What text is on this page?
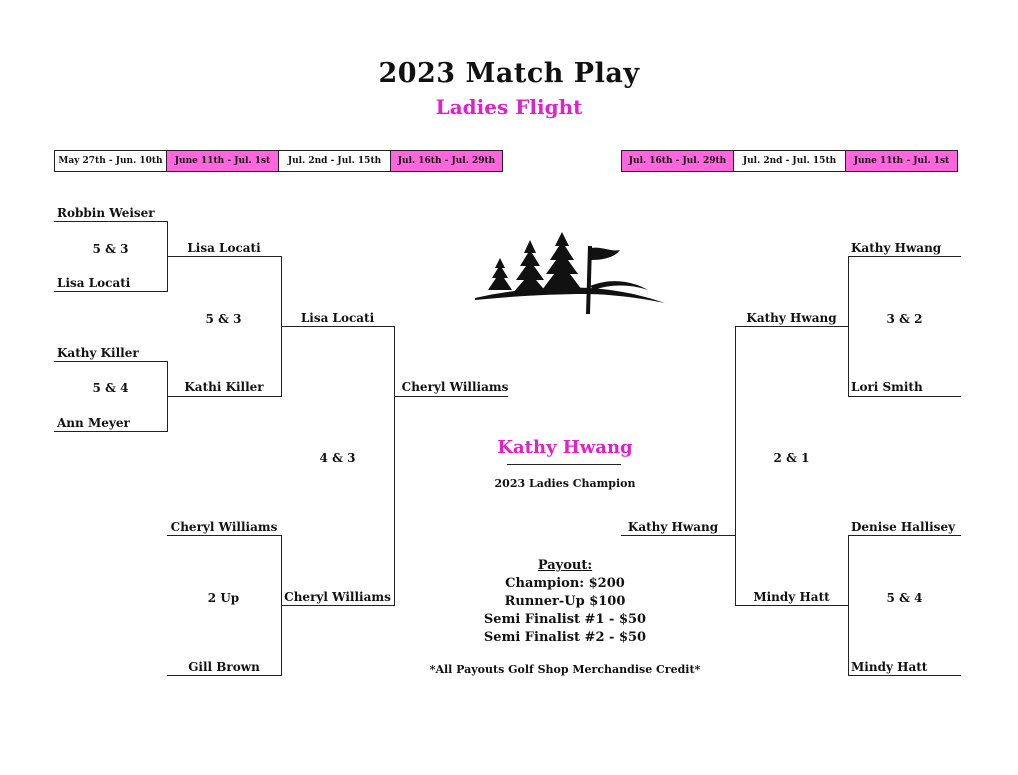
2023 Match Play
Ladies Flight
May 27th - Jun. 10th	June 11th - Jul. 1st	Jul. 2nd - Jul. 15th	Jul. 16th - Jul. 29th	Jul. 16th - Jul. 29th	Jul. 2nd - Jul. 15th	June 11th - Jul. 1st
Robbin Weiser
Lisa Locati
Kathy Killer
Ann Meyer
5 & 3
5 & 4
Lisa Locati
Kathi Killer
Cheryl Williams
Gill Brown
5 & 3
2 Up
Lisa Locati
Cheryl Williams
4 & 3
Cheryl Williams
Kathy Hwang
Lori Smith
Denise Hallisey
Mindy Hatt
3 & 2
5 & 4
Kathy Hwang
Mindy Hatt
2 & 1
Kathy Hwang
Kathy Hwang
2023 Ladies Champion
Payout:
Champion: $200
Runner-Up $100
Semi Finalist #1 - $50
Semi Finalist #2 - $50
*All Payouts Golf Shop Merchandise Credit*
